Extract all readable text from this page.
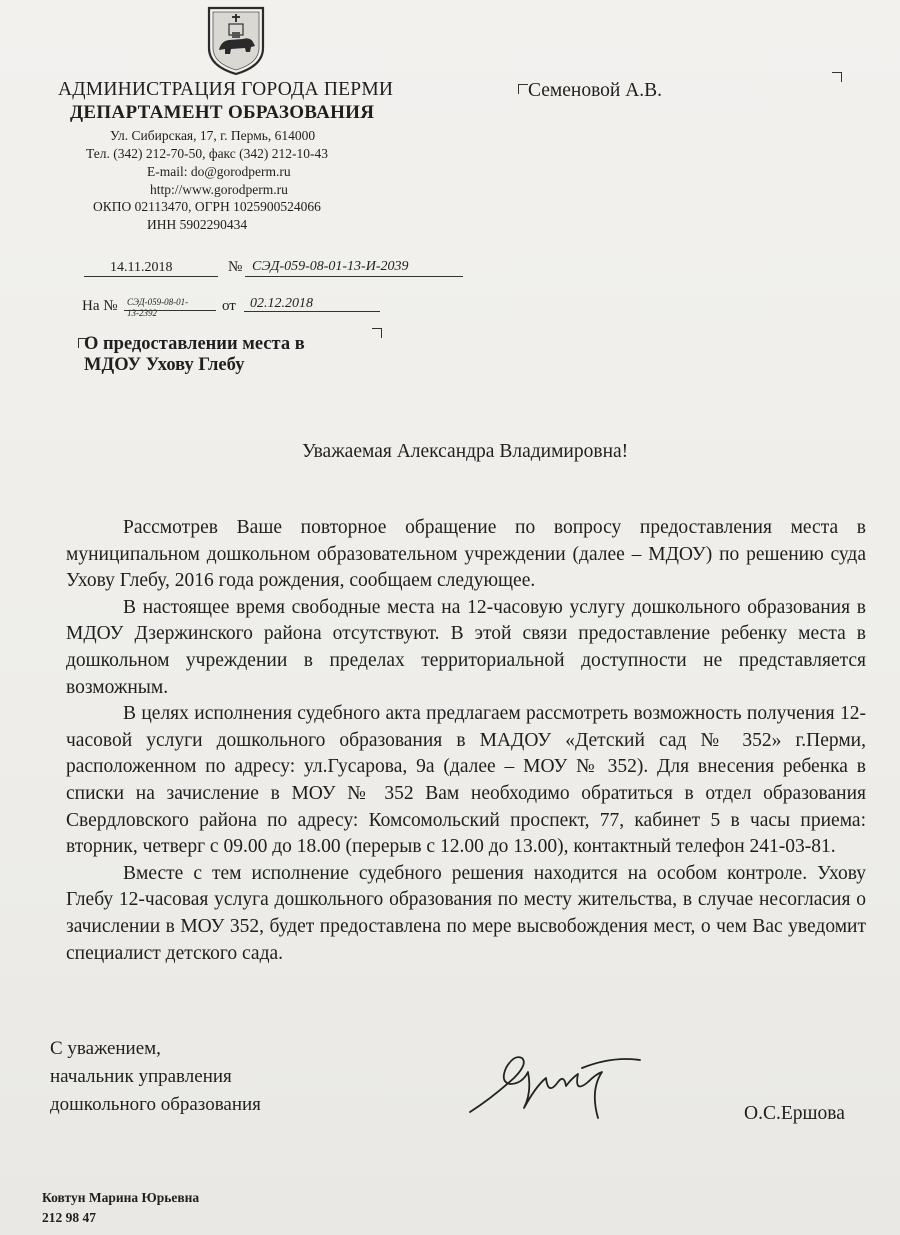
АДМИНИСТРАЦИЯ ГОРОДА ПЕРМИ
ДЕПАРТАМЕНТ ОБРАЗОВАНИЯ
Ул. Сибирская, 17, г. Пермь, 614000
Тел. (342) 212-70-50, факс (342) 212-10-43
E-mail: do@gorodperm.ru
http://www.gorodperm.ru
ОКПО 02113470, ОГРН 1025900524066
ИНН 5902290434
Семеновой А.В.
14.11.2018	№ СЭД-059-08-01-13-И-2039
На № СЭД-059-08-01-
13-2392	от 02.12.2018
О предоставлении места в
МДОУ Ухову Глебу
Уважаемая Александра Владимировна!

Рассмотрев Ваше повторное обращение по вопросу предоставления места в муниципальном дошкольном образовательном учреждении (далее – МДОУ) по решению суда Ухову Глебу, 2016 года рождения, сообщаем следующее.

В настоящее время свободные места на 12-часовую услугу дошкольного образования в МДОУ Дзержинского района отсутствуют. В этой связи предоставление ребенку места в дошкольном учреждении в пределах территориальной доступности не представляется возможным.

В целях исполнения судебного акта предлагаем рассмотреть возможность получения 12-часовой услуги дошкольного образования в МАДОУ «Детский сад № 352» г.Перми, расположенном по адресу: ул.Гусарова, 9а (далее – МОУ № 352). Для внесения ребенка в списки на зачисление в МОУ № 352 Вам необходимо обратиться в отдел образования Свердловского района по адресу: Комсомольский проспект, 77, кабинет 5 в часы приема: вторник, четверг с 09.00 до 18.00 (перерыв с 12.00 до 13.00), контактный телефон 241-03-81.

Вместе с тем исполнение судебного решения находится на особом контроле. Ухову Глебу 12-часовая услуга дошкольного образования по месту жительства, в случае несогласия о зачислении в МОУ 352, будет предоставлена по мере высвобождения мест, о чем Вас уведомит специалист детского сада.

С уважением,
начальник управления
дошкольного образования	О.С.Ершова
Ковтун Марина Юрьевна
212 98 47
